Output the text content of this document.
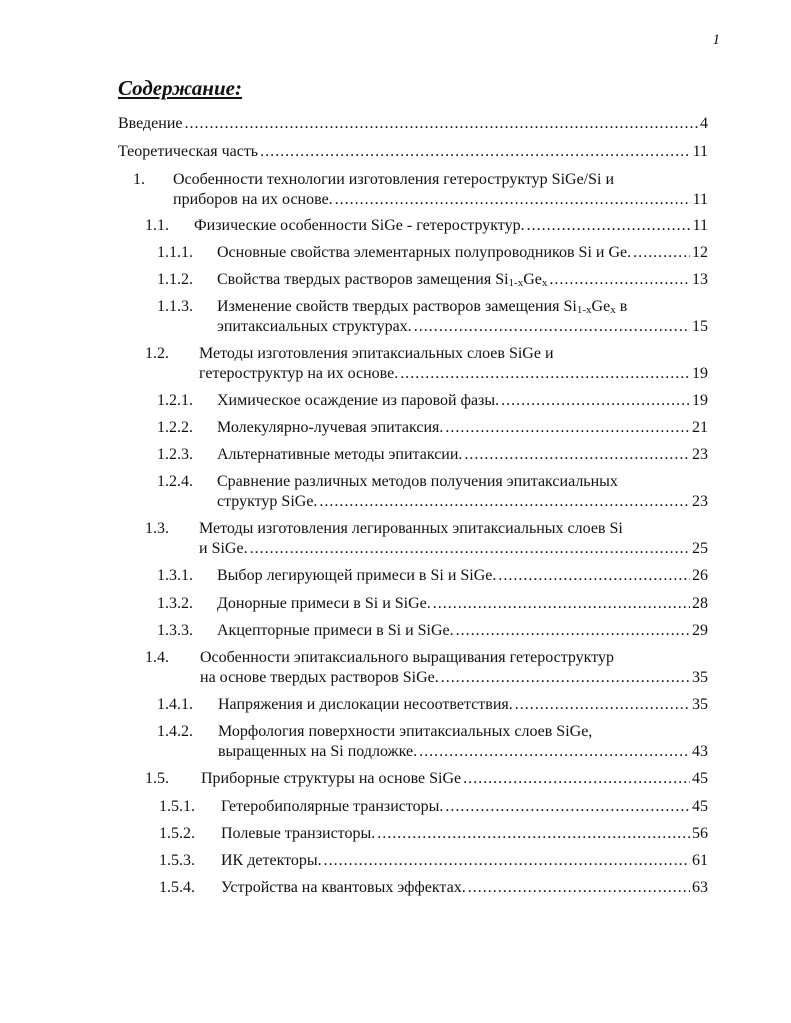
1
Содержание:
Введение .....	4
Теоретическая часть .....	11
1.	Особенности технологии изготовления гетероструктур SiGe/Si и
приборов на их основе. .....	11
1.1.	Физические особенности SiGe - гетероструктур. .....	11
1.1.1.	Основные свойства элементарных полупроводников Si и Ge. .....	12
1.1.2.	Свойства твердых растворов замещения $Si_{1-x}Ge_x$ .....	13
1.1.3.	Изменение свойств твердых растворов замещения $Si_{1-x}Ge_x$ в
эпитаксиальных структурах. .....	15
1.2.	Методы изготовления эпитаксиальных слоев SiGe и
гетероструктур на их основе. .....	19
1.2.1.	Химическое осаждение из паровой фазы. .....	19
1.2.2.	Молекулярно-лучевая эпитаксия. .....	21
1.2.3.	Альтернативные методы эпитаксии. .....	23
1.2.4.	Сравнение различных методов получения эпитаксиальных
структур SiGe. .....	23
1.3.	Методы изготовления легированных эпитаксиальных слоев Si
и SiGe. .....	25
1.3.1.	Выбор легирующей примеси в Si и SiGe. .....	26
1.3.2.	Донорные примеси в Si и SiGe. .....	28
1.3.3.	Акцепторные примеси в Si и SiGe. .....	29
1.4.	Особенности эпитаксиального выращивания гетероструктур
на основе твердых растворов SiGe. .....	35
1.4.1.	Напряжения и дислокации несоответствия. .....	35
1.4.2.	Морфология поверхности эпитаксиальных слоев SiGe,
выращенных на Si подложке. .....	43
1.5.	Приборные структуры на основе SiGe .....	45
1.5.1.	Гетеробиполярные транзисторы. .....	45
1.5.2.	Полевые транзисторы. .....	56
1.5.3.	ИК детекторы. .....	61
1.5.4.	Устройства на квантовых эффектах. .....	63
